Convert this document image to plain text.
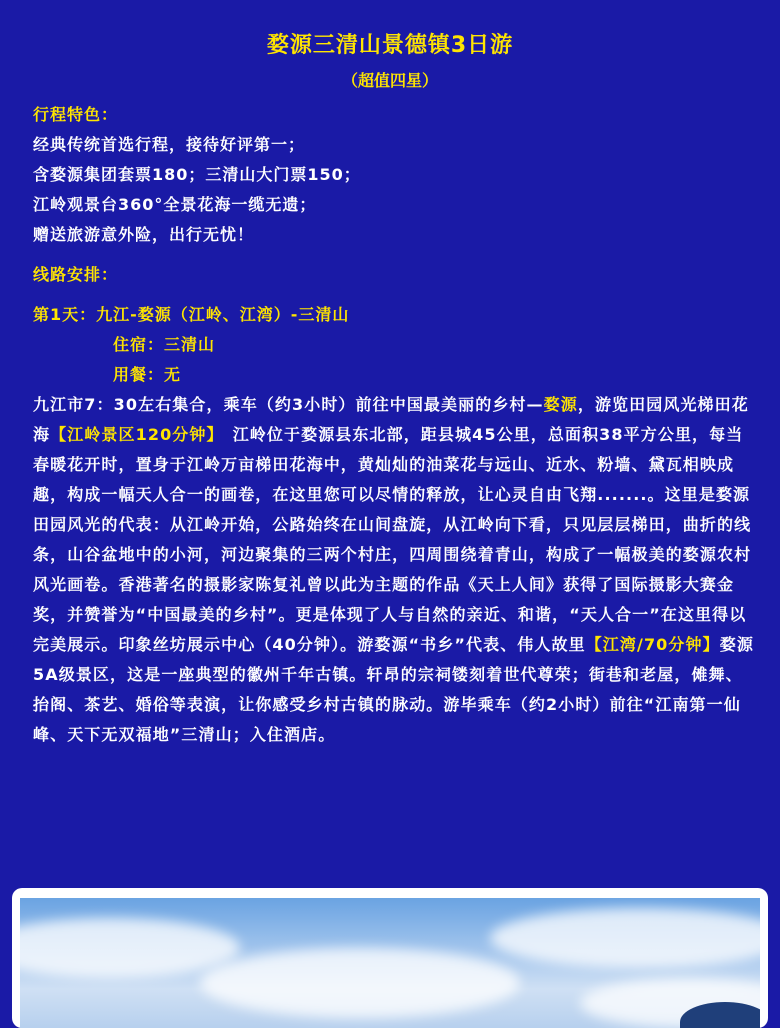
婺源三清山景德镇3日游
（超值四星）
行程特色：
经典传统首选行程，接待好评第一；
含婺源集团套票180；三清山大门票150；
江岭观景台360°全景花海一缆无遗；
赠送旅游意外险，出行无忧！
线路安排：
第1天：九江-婺源（江岭、江湾）-三清山
住宿：三清山
用餐：无
九江市7：30左右集合，乘车（约3小时）前往中国最美丽的乡村—婺源，游览田园风光梯田花海【江岭景区120分钟】　江岭位于婺源县东北部，距县城45公里，总面积38平方公里，每当春暖花开时，置身于江岭万亩梯田花海中，黄灿灿的油菜花与远山、近水、粉墙、黛瓦相映成趣，构成一幅天人合一的画卷，在这里您可以尽情的释放，让心灵自由飞翔.......。这里是婺源田园风光的代表：从江岭开始，公路始终在山间盘旋，从江岭向下看，只见层层梯田，曲折的线条，山谷盆地中的小河，河边聚集的三两个村庄，四周围绕着青山，构成了一幅极美的婺源农村风光画卷。香港著名的摄影家陈复礼曾以此为主题的作品《天上人间》获得了国际摄影大赛金奖，并赞誉为“中国最美的乡村”。更是体现了人与自然的亲近、和谐，“天人合一”在这里得以完美展示。印象丝坊展示中心（40分钟）。游婺源“书乡”代表、伟人故里【江湾/70分钟】婺源5A级景区，这是一座典型的徽州千年古镇。轩昂的宗祠镂刻着世代尊荣；街巷和老屋，傩舞、抬阁、茶艺、婚俗等表演，让你感受乡村古镇的脉动。游毕乘车（约2小时）前往“江南第一仙峰、天下无双福地”三清山；入住酒店。
